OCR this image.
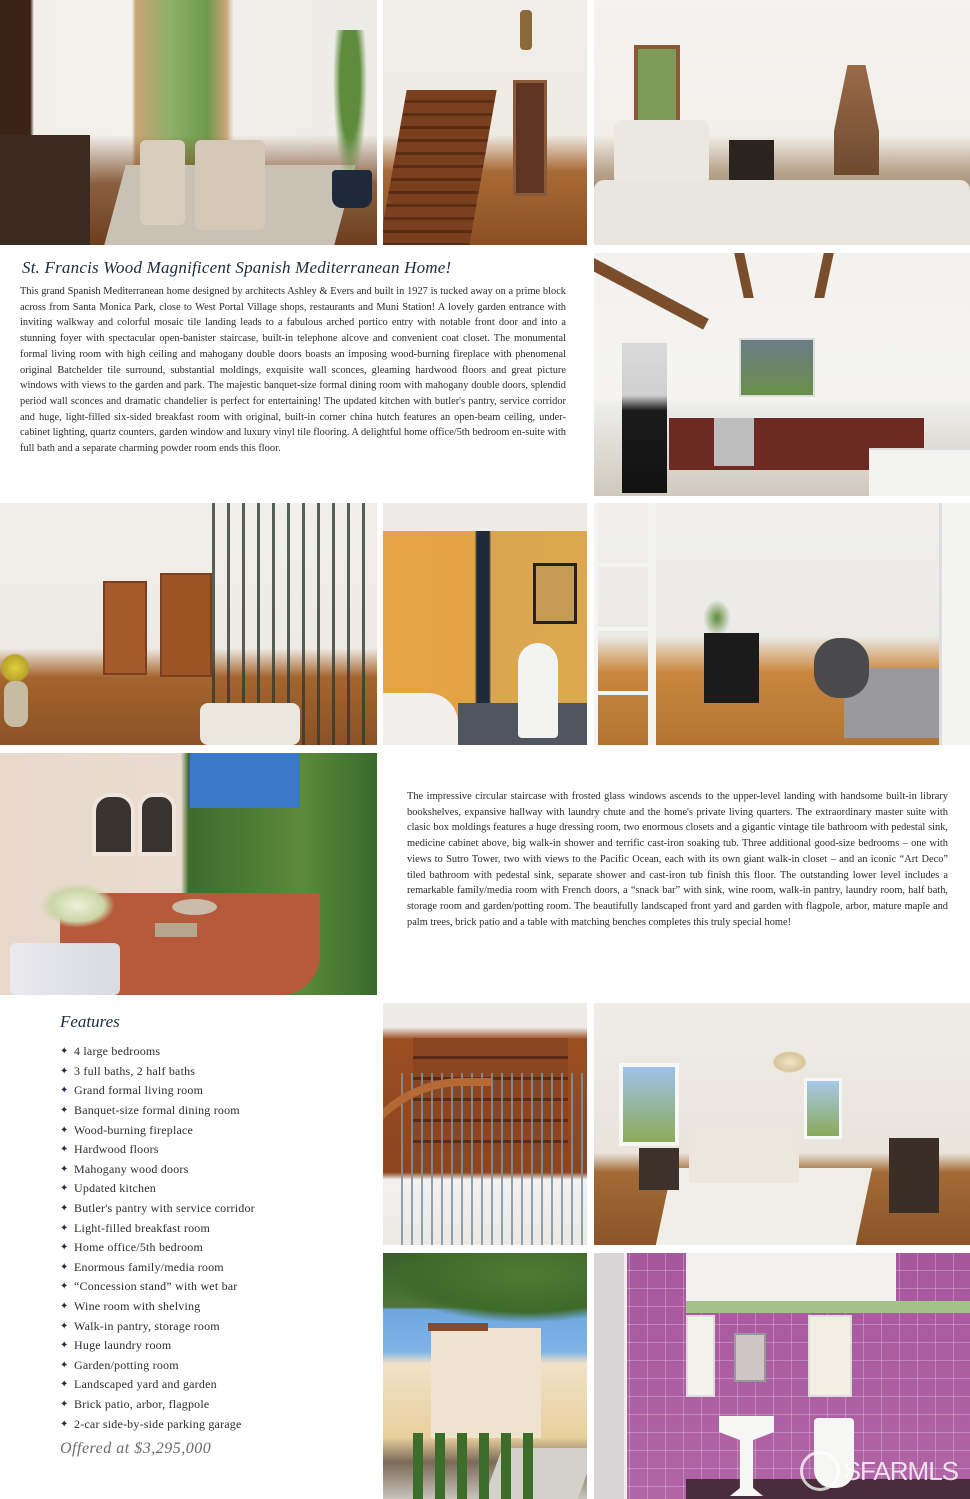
SFARMLS
St. Francis Wood Magnificent Spanish Mediterranean Home!

This grand Spanish Mediterranean home designed by architects Ashley & Evers and built in 1927 is tucked away on a prime block across from Santa Monica Park, close to West Portal Village shops, restaurants and Muni Station! A lovely garden entrance with inviting walkway and colorful mosaic tile landing leads to a fabulous arched portico entry with notable front door and into a stunning foyer with spectacular open-banister staircase, built-in telephone alcove and convenient coat closet. The monumental formal living room with high ceiling and mahogany double doors boasts an imposing wood-burning fireplace with phenomenal original Batchelder tile surround, substantial moldings, exquisite wall sconces, gleaming hardwood floors and great picture windows with views to the garden and park. The majestic banquet-size formal dining room with mahogany double doors, splendid period wall sconces and dramatic chandelier is perfect for entertaining! The updated kitchen with butler's pantry, service corridor and huge, light-filled six-sided breakfast room with original, built-in corner china hutch features an open-beam ceiling, under-cabinet lighting, quartz counters, garden window and luxury vinyl tile flooring. A delightful home office/5th bedroom en-suite with full bath and a separate charming powder room ends this floor.

The impressive circular staircase with frosted glass windows ascends to the upper-level landing with handsome built-in library bookshelves, expansive hallway with laundry chute and the home's private living quarters. The extraordinary master suite with clasic box moldings features a huge dressing room, two enormous closets and a gigantic vintage tile bathroom with pedestal sink, medicine cabinet above, big walk-in shower and terrific cast-iron soaking tub. Three additional good-size bedrooms – one with views to Sutro Tower, two with views to the Pacific Ocean, each with its own giant walk-in closet – and an iconic “Art Deco” tiled bathroom with pedestal sink, separate shower and cast-iron tub finish this floor. The outstanding lower level includes a remarkable family/media room with French doors, a “snack bar” with sink, wine room, walk-in pantry, laundry room, half bath, storage room and garden/potting room. The beautifully landscaped front yard and garden with flagpole, arbor, mature maple and palm trees, brick patio and a table with matching benches completes this truly special home!

Features
✦ 4 large bedrooms
✦ 3 full baths, 2 half baths
✦ Grand formal living room
✦ Banquet-size formal dining room
✦ Wood-burning fireplace
✦ Hardwood floors
✦ Mahogany wood doors
✦ Updated kitchen
✦ Butler's pantry with service corridor
✦ Light-filled breakfast room
✦ Home office/5th bedroom
✦ Enormous family/media room
✦ “Concession stand” with wet bar
✦ Wine room with shelving
✦ Walk-in pantry, storage room
✦ Huge laundry room
✦ Garden/potting room
✦ Landscaped yard and garden
✦ Brick patio, arbor, flagpole
✦ 2-car side-by-side parking garage
Offered at $3,295,000
